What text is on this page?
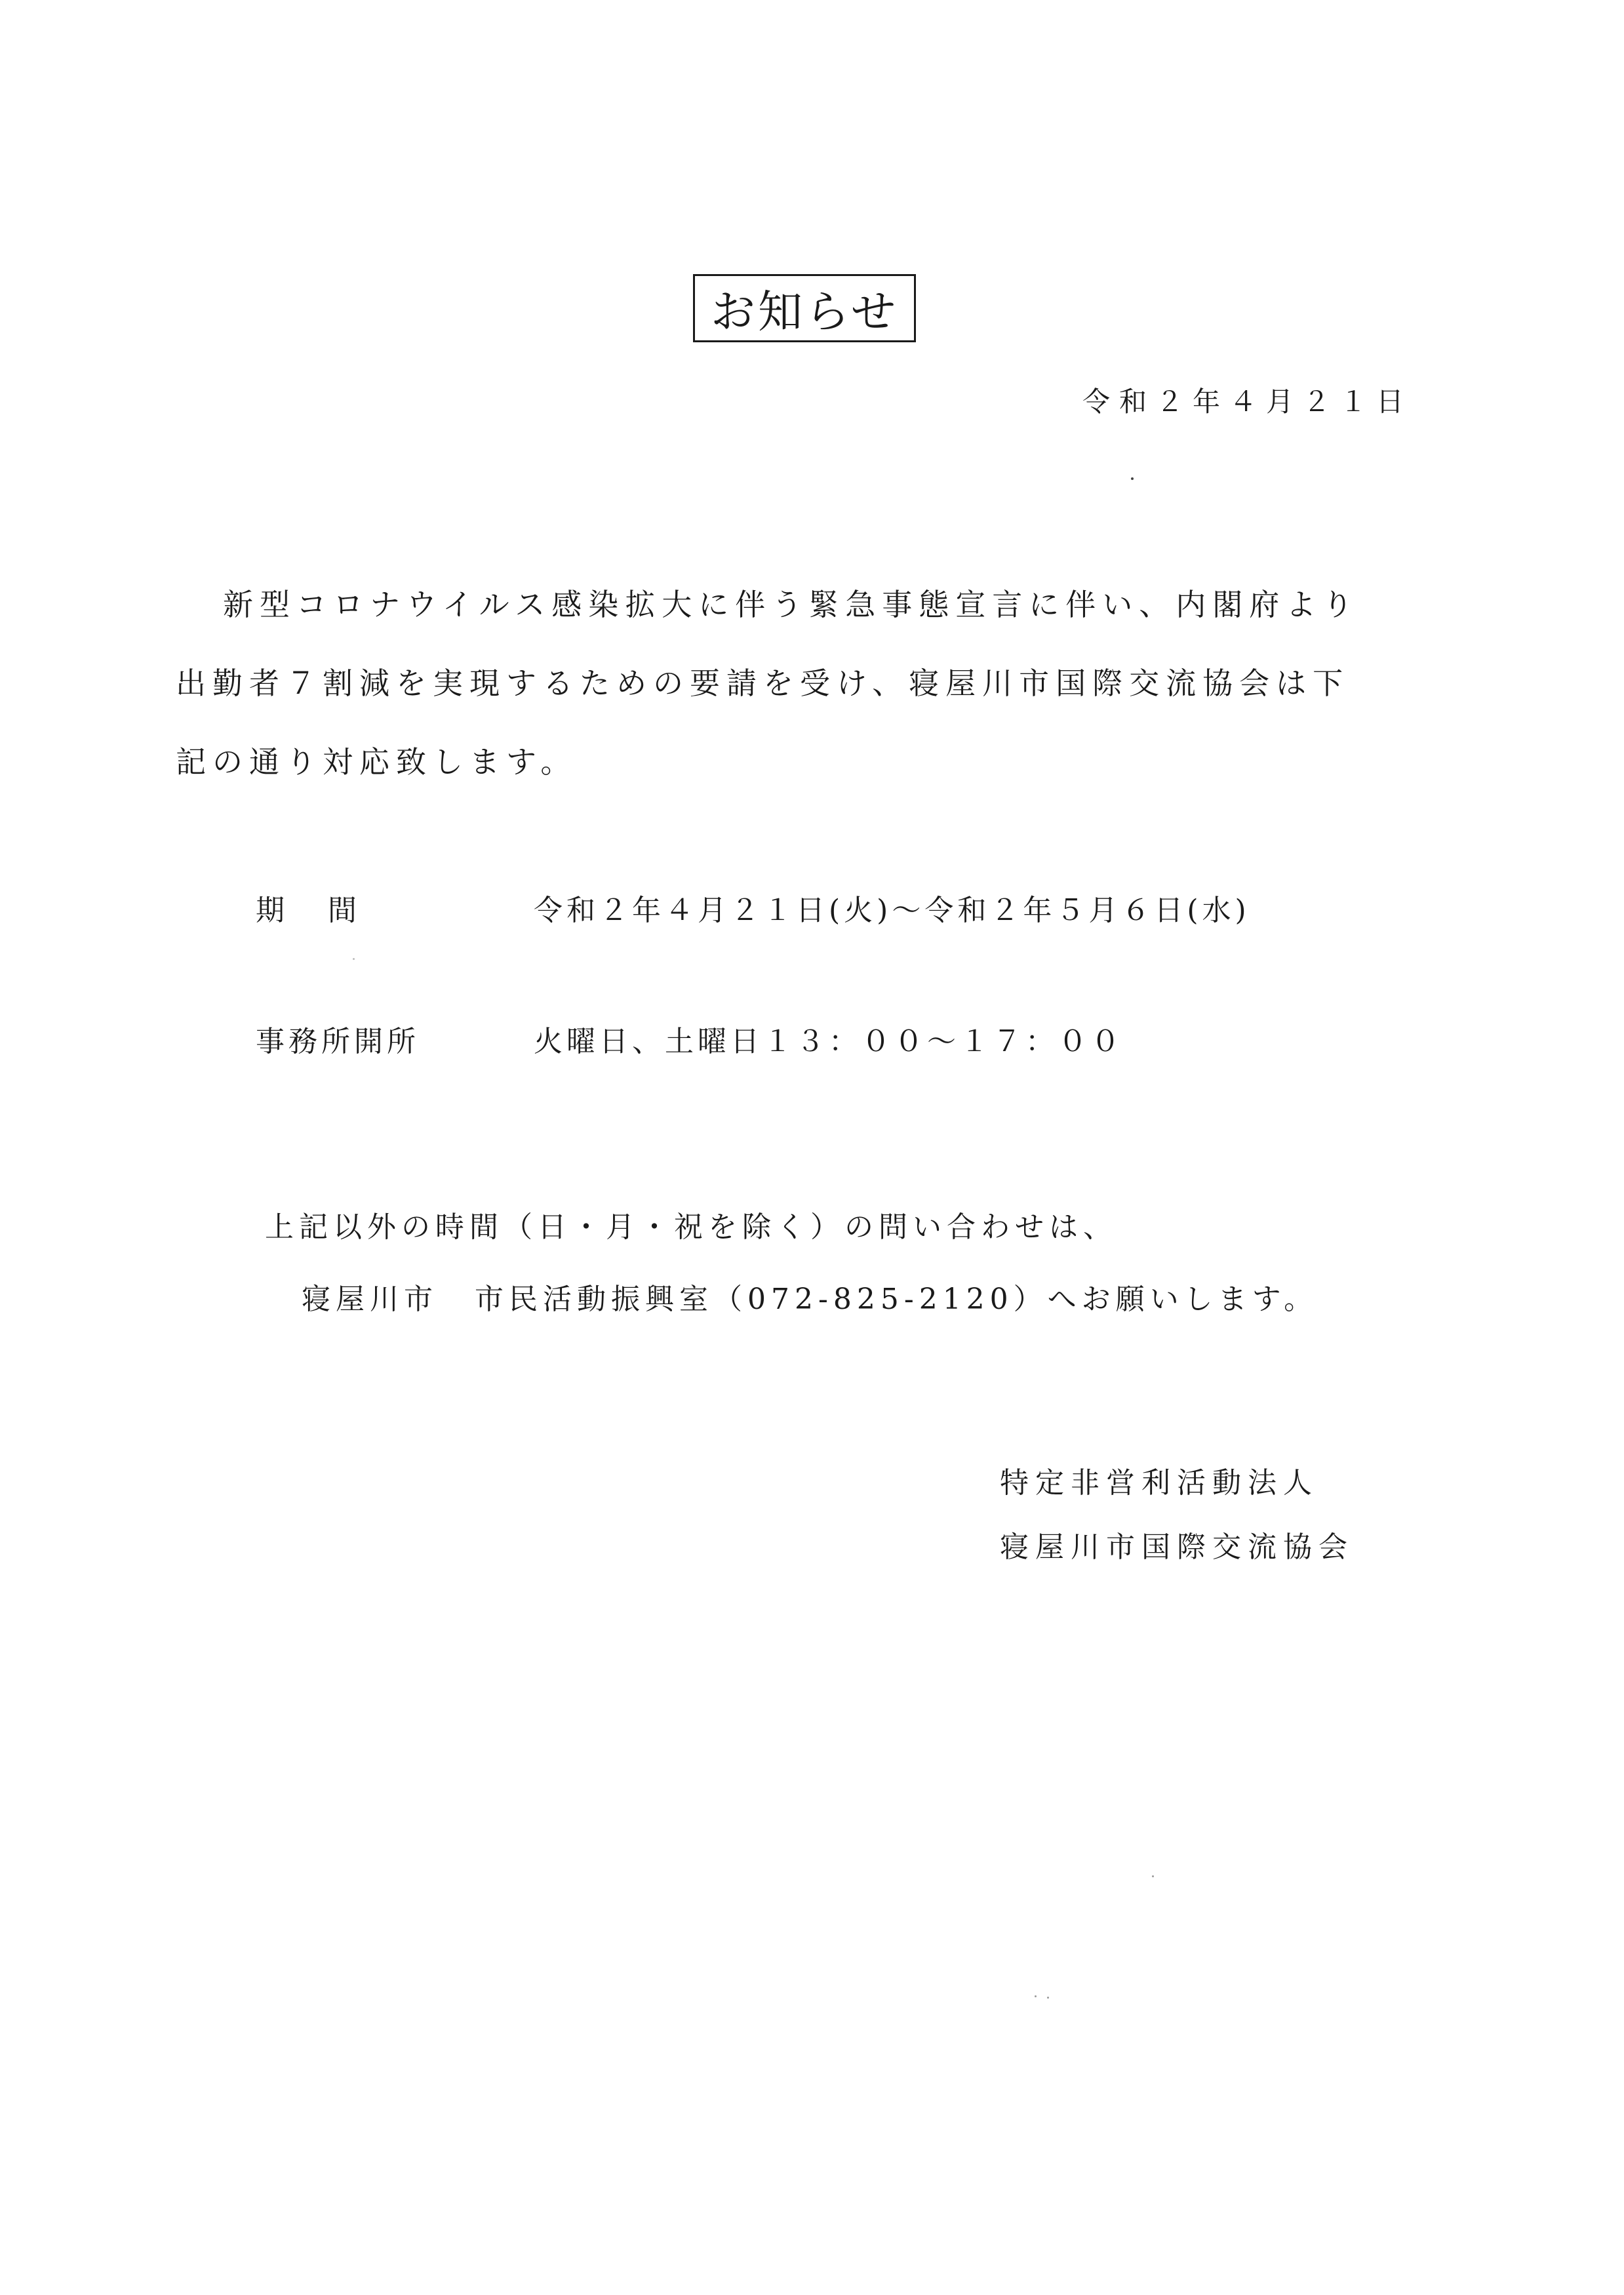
お知らせ
令和２年４月２１日
新型コロナウイルス感染拡大に伴う緊急事態宣言に伴い、内閣府より
出勤者７割減を実現するための要請を受け、寝屋川市国際交流協会は下
記の通り対応致します。
期間	令和２年４月２１日(火)～令和２年５月６日(水)
事務所開所	火曜日、土曜日１３：００～１７：００
上記以外の時間（日・月・祝を除く）の問い合わせは、
寝屋川市 市民活動振興室（072-825-2120）へお願いします。
特定非営利活動法人
寝屋川市国際交流協会
